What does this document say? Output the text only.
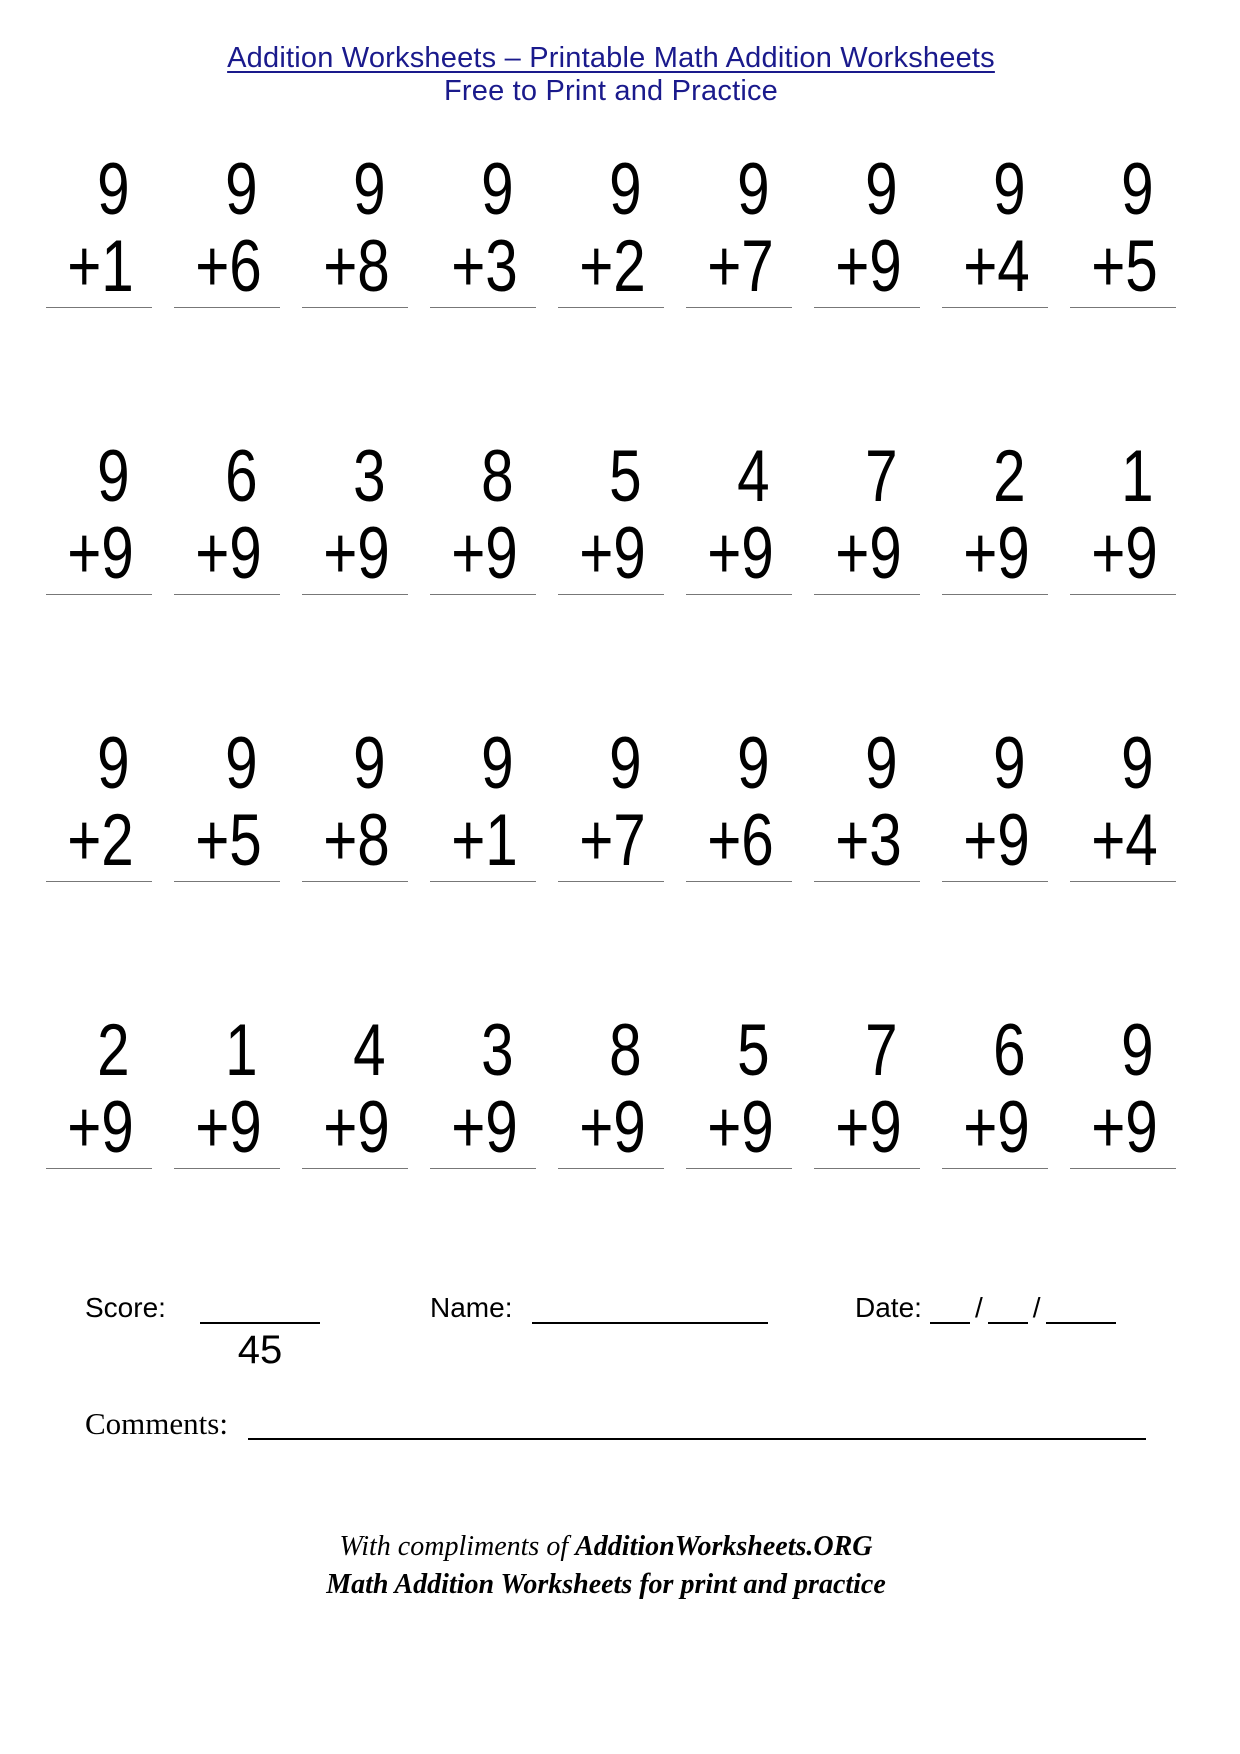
Addition Worksheets – Printable Math Addition Worksheets
Free to Print and Practice
9
+1
9
+6
9
+8
9
+3
9
+2
9
+7
9
+9
9
+4
9
+5
9
+9
6
+9
3
+9
8
+9
5
+9
4
+9
7
+9
2
+9
1
+9
9
+2
9
+5
9
+8
9
+1
9
+7
9
+6
9
+3
9
+9
9
+4
2
+9
1
+9
4
+9
3
+9
8
+9
5
+9
7
+9
6
+9
9
+9
Score:
45
Name:	Date: / /
Comments:
With compliments of AdditionWorksheets.ORG
Math Addition Worksheets for print and practice
